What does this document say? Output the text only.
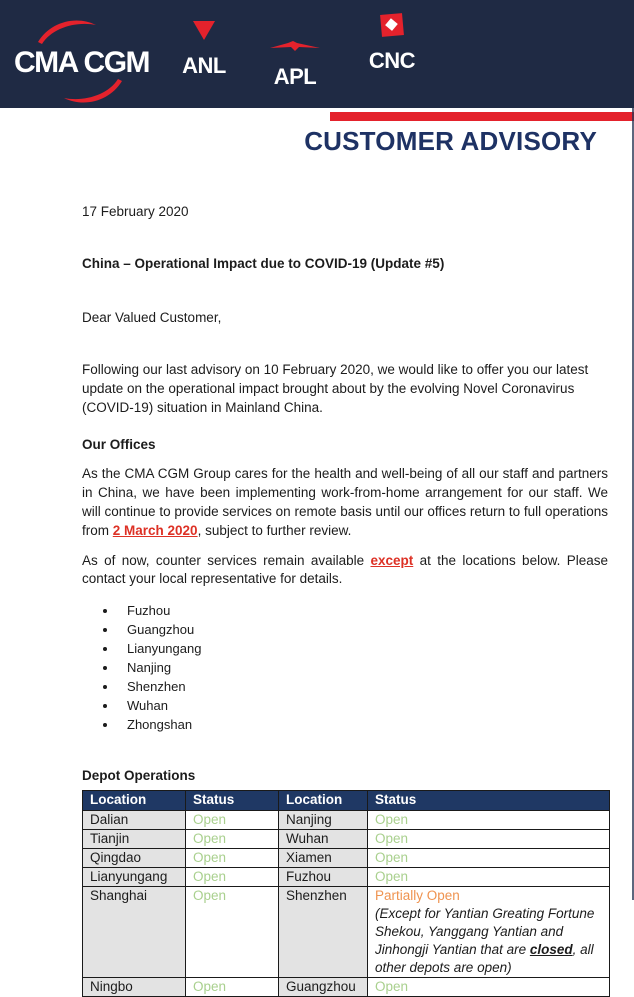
CMA CGM ANL	APL
CNC
CUSTOMER ADVISORY

17 February 2020

China – Operational Impact due to COVID-19 (Update #5)

Dear Valued Customer,

Following our last advisory on 10 February 2020, we would like to offer you our latest update on the operational impact brought about by the evolving Novel Coronavirus (COVID-19) situation in Mainland China.

Our Offices

As the CMA CGM Group cares for the health and well-being of all our staff and partners in China, we have been implementing work-from-home arrangement for our staff. We will continue to provide services on remote basis until our offices return to full operations from 2 March 2020, subject to further review.

As of now, counter services remain available except at the locations below. Please contact your local representative for details.

• Fuzhou
• Guangzhou
• Lianyungang
• Nanjing
• Shenzhen
• Wuhan
• Zhongshan

Depot Operations

Location	Status	Location	Status
Dalian	Open	Nanjing	Open
Tianjin	Open	Wuhan	Open
Qingdao	Open	Xiamen	Open
Lianyungang	Open	Fuzhou	Open
Shanghai	Open	Shenzhen	Partially Open
(Except for Yantian Greating Fortune Shekou, Yanggang Yantian and Jinhongji Yantian that are closed, all other depots are open)

Ningbo	Open	Guangzhou	Open
